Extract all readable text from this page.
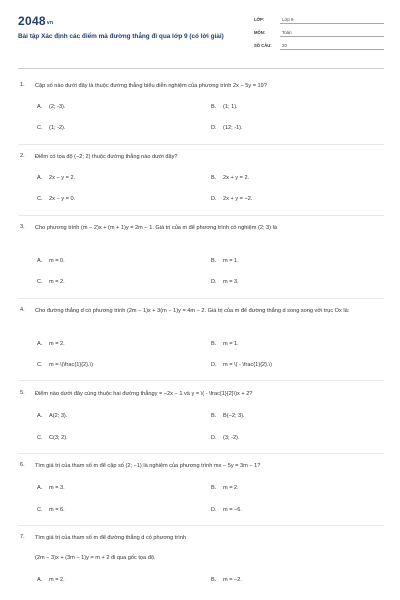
$2048^{vn}$
Bài tập Xác định các điểm mà đường thẳng đi qua lớp 9 (có lời giải)
LỚP:	Lớp 9
MÔN:	Toán
SỐ CÂU: 20
1. Cặp số nào dưới đây là thuộc đường thẳng biểu diễn nghiệm của phương trình 2x − 5y = 19?
A. (2; -3).	B. (1; 1).
C. (1; -2).	D. (12; -1).
2. Điểm có tọa độ (−2; 2) thuộc đường thẳng nào dưới đây?
A. 2x − y = 2.	B. 2x + y = 2.
C. 2x − y = 0.	D. 2x + y = −2.
3. Cho phương trình (m − 2)x + (m + 1)y = 2m − 1. Giá trị của m để phương trình có nghiệm (2; 3) là
A. m = 0.	B. m = 1.
C. m = 2.	D. m = 3.
4. Cho đường thẳng d có phương trình (2m − 1)x + 3(m − 1)y = 4m − 2. Giá trị của m để đường thẳng d song song với trục Ox là:
A. m = 2.	B. m = 1.
C. m = \(\frac{1}{2}.\)	D. m = \( - \frac{1}{2}.\)
5. Điểm nào dưới đây cùng thuộc hai đường thẳngy = −2x − 1 và y = \( - \frac{1}{2}\)x + 2?
A. A(2; 3).	B. B(−2; 3).
C. C(3; 2).	D. (3; -2).
6. Tìm giá trị của tham số m để cặp số (2; −1) là nghiệm của phương trình mx − 5y = 3m − 1?
A. m = 3.	B. m = 2.
C. m = 6.	D. m = −6.
7. Tìm giá trị của tham số m để đường thẳng d có phương trình
(2m − 3)x + (3m − 1)y = m + 2 đi qua gốc tọa độ.
A. m = 2.	B. m = −2.
